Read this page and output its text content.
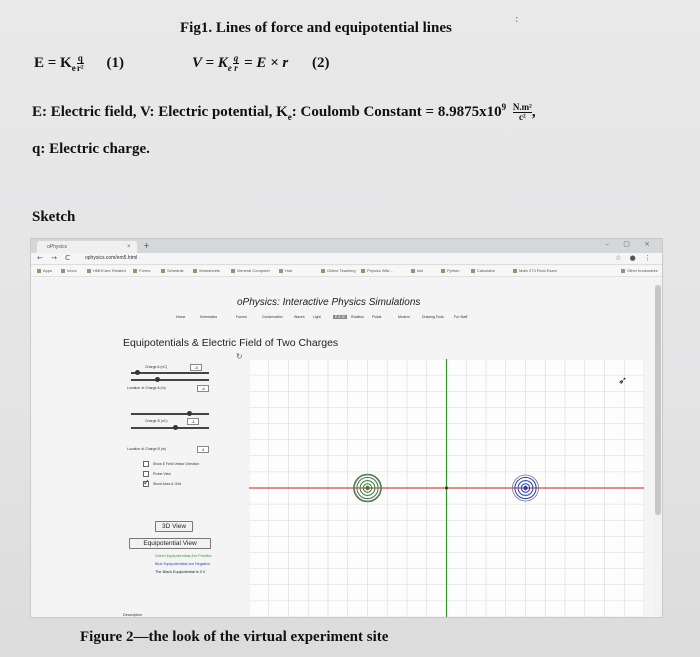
:
Fig1. Lines of force and equipotential lines
$E = K_e \frac{q}{\text{r²}} (1)$	$V = K_e \frac{q}{r} = E \times r$ (2)
E: Electric field, V: Electric potential, $K_e$: Coulomb Constant = $8.9875x10^9 \frac{\text{N.m²}}{\text{c²}}$ ,
q: Electric charge.
Sketch
oPhysics	× +	– ▢ ×
← → C ophysics.com/em5.html	☆ ● ⋮
Apps	Inbox	HMHCare Related	Forms	Schedule	Worksheets	General Computer	Hub	Online Teaching	Physics Wiki...	Inkl	Python	Calculator	Math 273 Final Exam	Other bookmarks
oPhysics: Interactive Physics Simulations
Home	Kinematics	Forces	Conservation	Waves Light	E & M	Rotation Fluids	Modern	Drawing Tools	For Staff
Equipotentials & Electric Field of Two Charges
↻
Charge A (nC)	-3
Location of Charge A (m)	-4
Charge B (nC)	-1
Location of Charge B (m)	4
Show E Field Vector Direction
Probe View
✓
Show Axes & Grid
3D View
Equipotential View
Green Equipotentials Are Positive
Blue Equipotentials are Negative
The Black Equipotential is 0 V
Description
➶
Figure 2—the look of the virtual experiment site
